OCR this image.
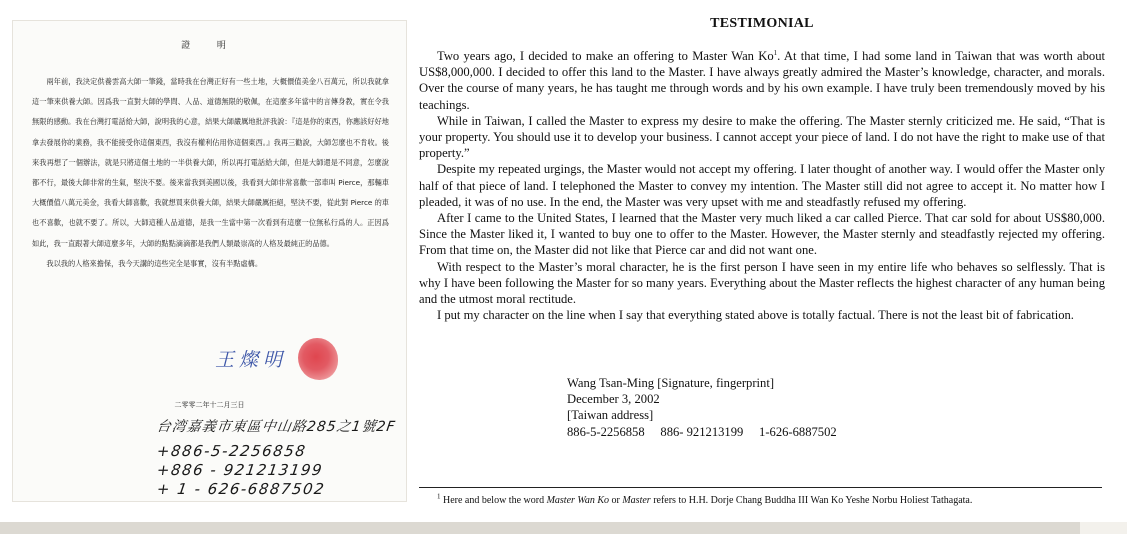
證 明

兩年前，我決定供養雲高大師一筆錢，當時我在台灣正好有一些土地，大概價值美金八百萬元，所以我就拿這一筆來供養大師。因爲我一直對大師的學問、人品、道德無限的敬佩，在這麼多年當中的言傳身教，實在令我無限的感動。我在台灣打電話給大師，說明我的心意，結果大師嚴厲地批評我說：『這是你的東西，你應該好好地拿去發展你的業務，我不能接受你這個東西，我沒有權利佔用你這個東西。』我再三勸說，大師怎麼也不肯收。後來我再想了一個辦法，就是只將這個土地的一半供養大師，所以再打電話給大師，但是大師還是不同意，怎麼說都不行，最後大師非常的生氣，堅決不要。後來當我到美國以後，我看到大師非常喜歡一部車叫 Pierce，那輛車大概價值八萬元美金，我看大師喜歡，我就想買來供養大師，結果大師嚴厲拒絕，堅決不要，從此對 Pierce 的車也不喜歡，也就不要了。所以，大師這種人品道德，是我一生當中第一次看到有這麼一位無私行爲的人。正因爲如此，我一直跟著大師這麼多年，大師的點點滴滴都是我們人類最崇高的人格及最純正的品德。

我以我的人格來擔保，我今天講的這些完全是事實，沒有半點虛構。

王燦明
二零零二年十二月三日
台湾嘉義市東區中山路285之1號2F
+886-5-2256858
+886 - 921213199
+ 1 - 626-6887502
TESTIMONIAL

Two years ago, I decided to make an offering to Master Wan Ko$^1$. At that time, I had some land in Taiwan that was worth about US$8,000,000. I decided to offer this land to the Master. I have always greatly admired the Master’s knowledge, character, and morals. Over the course of many years, he has taught me through words and by his own example. I have truly been tremendously moved by his teachings.

While in Taiwan, I called the Master to express my desire to make the offering. The Master sternly criticized me. He said, “That is your property. You should use it to develop your business. I cannot accept your piece of land. I do not have the right to make use of that property.”

Despite my repeated urgings, the Master would not accept my offering. I later thought of another way. I would offer the Master only half of that piece of land. I telephoned the Master to convey my intention. The Master still did not agree to accept it. No matter how I pleaded, it was of no use. In the end, the Master was very upset with me and steadfastly refused my offering.

After I came to the United States, I learned that the Master very much liked a car called Pierce. That car sold for about US$80,000. Since the Master liked it, I wanted to buy one to offer to the Master. However, the Master sternly and steadfastly rejected my offering. From that time on, the Master did not like that Pierce car and did not want one.

With respect to the Master’s moral character, he is the first person I have seen in my entire life who behaves so selflessly. That is why I have been following the Master for so many years. Everything about the Master reflects the highest character of any human being and the utmost moral rectitude.

I put my character on the line when I say that everything stated above is totally factual. There is not the least bit of fabrication.

Wang Tsan-Ming [Signature, fingerprint]
December 3, 2002
[Taiwan address]
886-5-2256858     886- 921213199     1-626-6887502
$^1$ Here and below the word Master Wan Ko or Master refers to H.H. Dorje Chang Buddha III Wan Ko Yeshe Norbu Holiest Tathagata.
